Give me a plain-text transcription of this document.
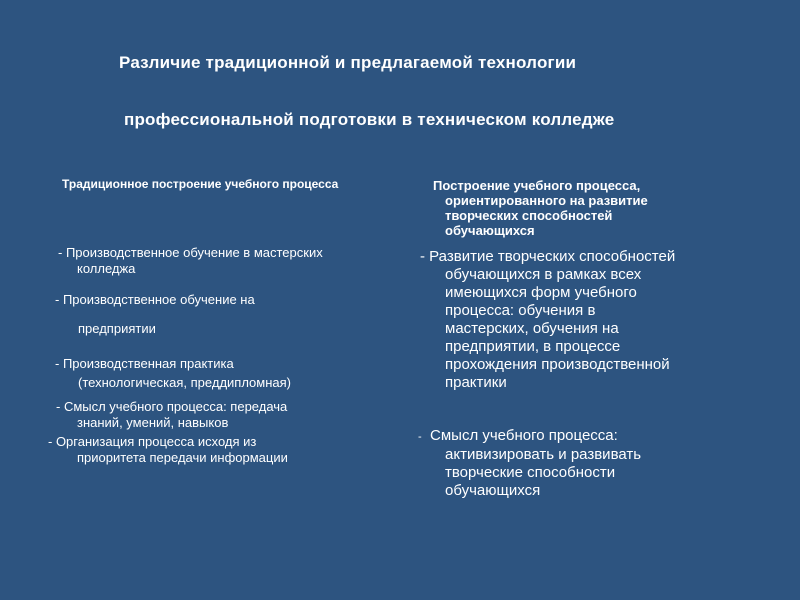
Различие традиционной и предлагаемой технологии
профессиональной подготовки в техническом колледже
Традиционное построение учебного процесса	Построение учебного процесса,
ориентированного на развитие
творческих способностей
обучающихся
- Производственное обучение в мастерских
колледжа
- Производственное обучение на
предприятии
- Производственная практика
(технологическая, преддипломная)
- Смысл учебного процесса: передача
знаний, умений, навыков
- Организация процесса исходя из
приоритета передачи информации
- Развитие творческих способностей
обучающихся в рамках всех
имеющихся форм учебного
процесса: обучения в
мастерских, обучения на
предприятии, в процессе
прохождения производственной
практики
- Смысл учебного процесса:
активизировать и развивать
творческие способности
обучающихся
